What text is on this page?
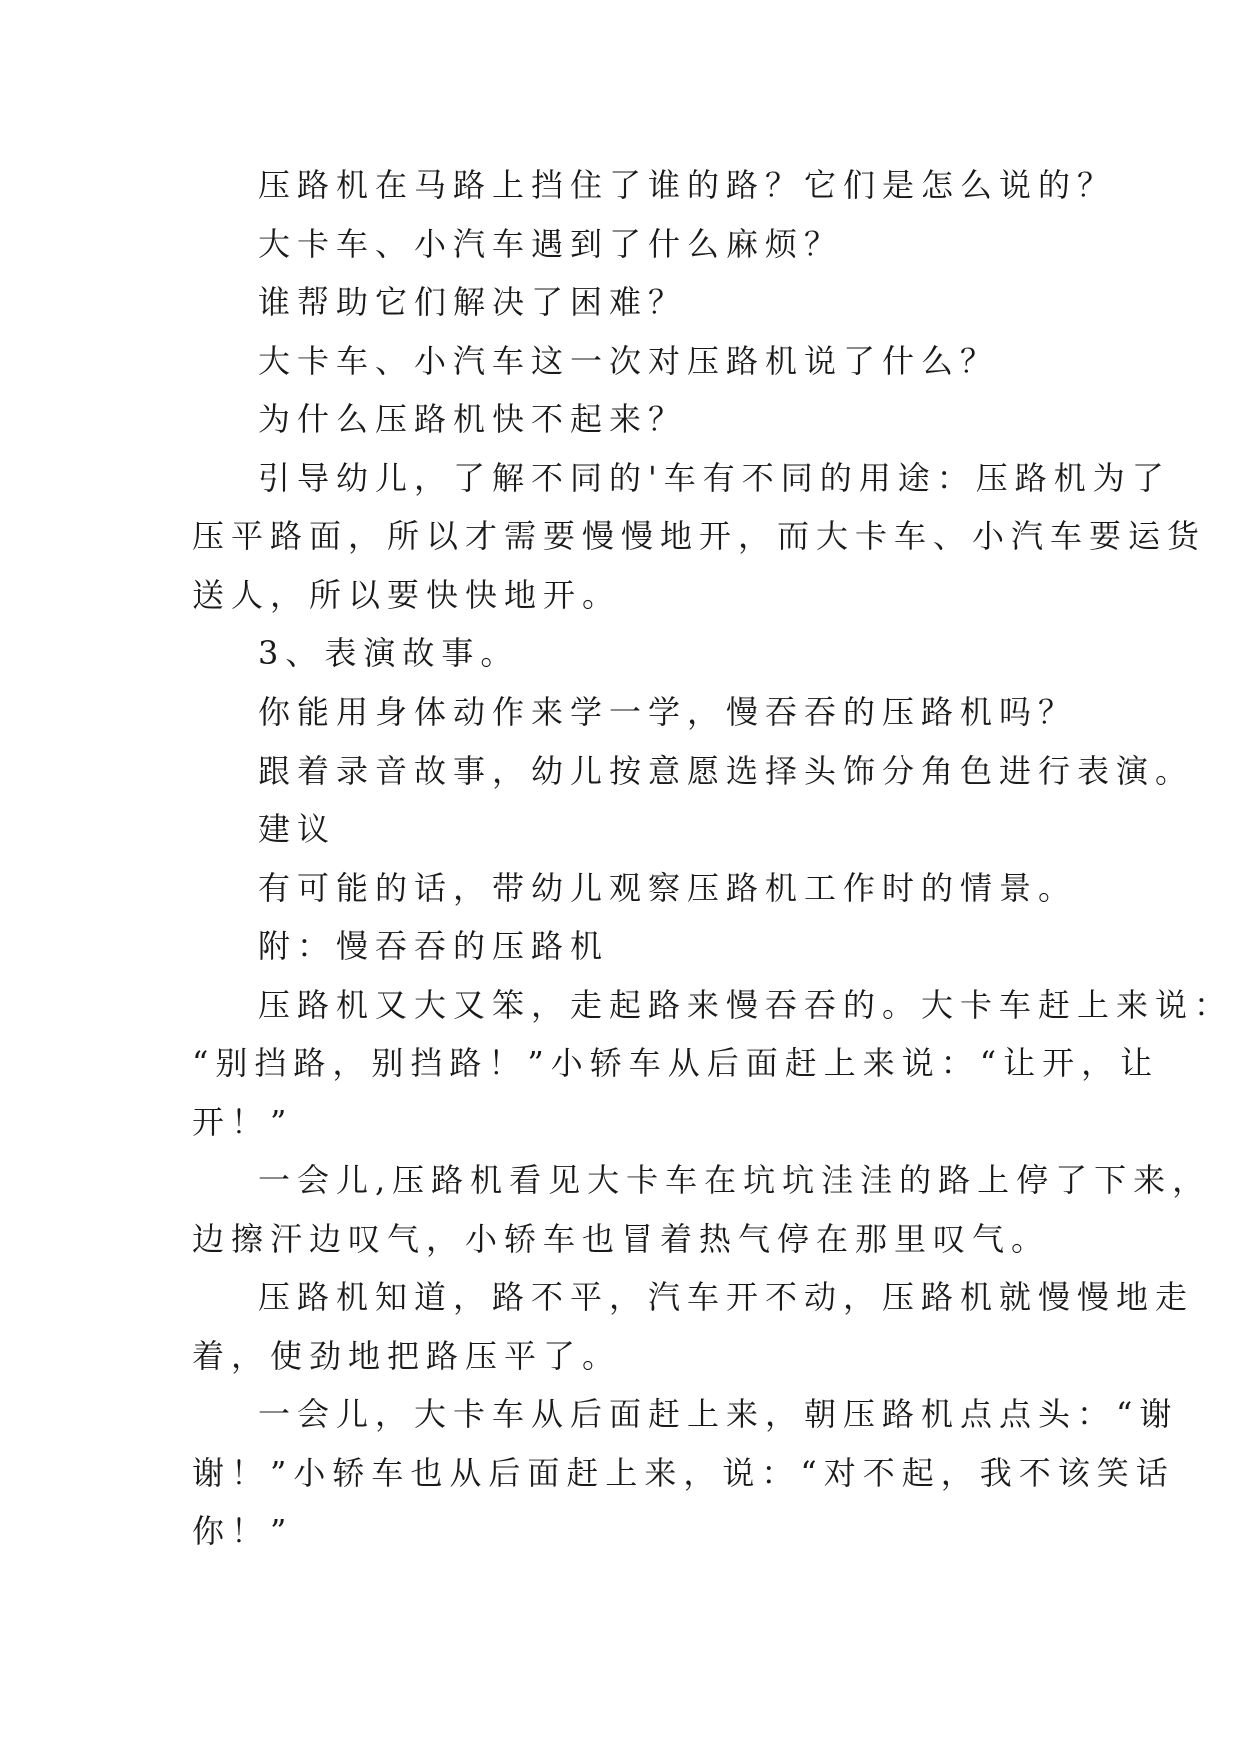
压路机在马路上挡住了谁的路？它们是怎么说的？
大卡车、小汽车遇到了什么麻烦？
谁帮助它们解决了困难？
大卡车、小汽车这一次对压路机说了什么？
为什么压路机快不起来？
引导幼儿，了解不同的'车有不同的用途：压路机为了
压平路面，所以才需要慢慢地开，而大卡车、小汽车要运货
送人，所以要快快地开。
3、表演故事。
你能用身体动作来学一学，慢吞吞的压路机吗？
跟着录音故事，幼儿按意愿选择头饰分角色进行表演。
建议
有可能的话，带幼儿观察压路机工作时的情景。
附：慢吞吞的压路机
压路机又大又笨，走起路来慢吞吞的。大卡车赶上来说：
“别挡路，别挡路！”小轿车从后面赶上来说：“让开，让
开！”
一会儿,压路机看见大卡车在坑坑洼洼的路上停了下来，
边擦汗边叹气，小轿车也冒着热气停在那里叹气。
压路机知道，路不平，汽车开不动，压路机就慢慢地走
着，使劲地把路压平了。
一会儿，大卡车从后面赶上来，朝压路机点点头：“谢
谢！”小轿车也从后面赶上来，说：“对不起，我不该笑话
你！”
